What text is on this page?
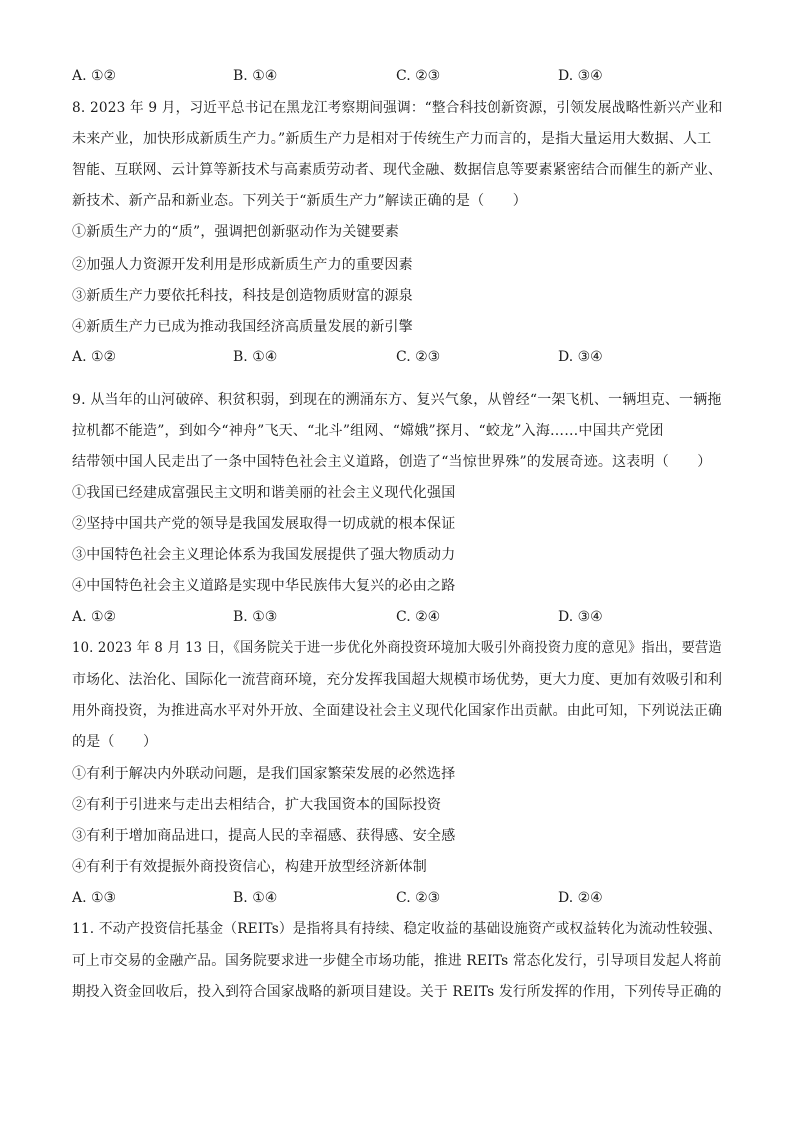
A. ①②	B. ①④	C. ②③	D. ③④
8. 2023 年 9 月，习近平总书记在黑龙江考察期间强调：“整合科技创新资源，引领发展战略性新兴产业和
未来产业，加快形成新质生产力。”新质生产力是相对于传统生产力而言的，是指大量运用大数据、人工
智能、互联网、云计算等新技术与高素质劳动者、现代金融、数据信息等要素紧密结合而催生的新产业、
新技术、新产品和新业态。下列关于“新质生产力”解读正确的是（　　）
①新质生产力的“质”，强调把创新驱动作为关键要素
②加强人力资源开发利用是形成新质生产力的重要因素
③新质生产力要依托科技，科技是创造物质财富的源泉
④新质生产力已成为推动我国经济高质量发展的新引擎
A. ①②	B. ①④	C. ②③	D. ③④
9. 从当年的山河破碎、积贫积弱，到现在的溯涌东方、复兴气象，从曾经“一架飞机、一辆坦克、一辆拖
拉机都不能造”，到如今“神舟”飞天、“北斗”组网、“嫦娥”探月、“蛟龙”入海……中国共产党团
结带领中国人民走出了一条中国特色社会主义道路，创造了“当惊世界殊”的发展奇迹。这表明（　　）
①我国已经建成富强民主文明和谐美丽的社会主义现代化强国
②坚持中国共产党的领导是我国发展取得一切成就的根本保证
③中国特色社会主义理论体系为我国发展提供了强大物质动力
④中国特色社会主义道路是实现中华民族伟大复兴的必由之路
A. ①②	B. ①③	C. ②④	D. ③④
10. 2023 年 8 月 13 日，《国务院关于进一步优化外商投资环境加大吸引外商投资力度的意见》指出，要营造
市场化、法治化、国际化一流营商环境，充分发挥我国超大规模市场优势，更大力度、更加有效吸引和利
用外商投资，为推进高水平对外开放、全面建设社会主义现代化国家作出贡献。由此可知，下列说法正确
的是（　　）
①有利于解决内外联动问题，是我们国家繁荣发展的必然选择
②有利于引进来与走出去相结合，扩大我国资本的国际投资
③有利于增加商品进口，提高人民的幸福感、获得感、安全感
④有利于有效提振外商投资信心，构建开放型经济新体制
A. ①③	B. ①④	C. ②③	D. ②④
11. 不动产投资信托基金（REITs）是指将具有持续、稳定收益的基础设施资产或权益转化为流动性较强、
可上市交易的金融产品。国务院要求进一步健全市场功能，推进 REITs 常态化发行，引导项目发起人将前
期投入资金回收后，投入到符合国家战略的新项目建设。关于 REITs 发行所发挥的作用，下列传导正确的
